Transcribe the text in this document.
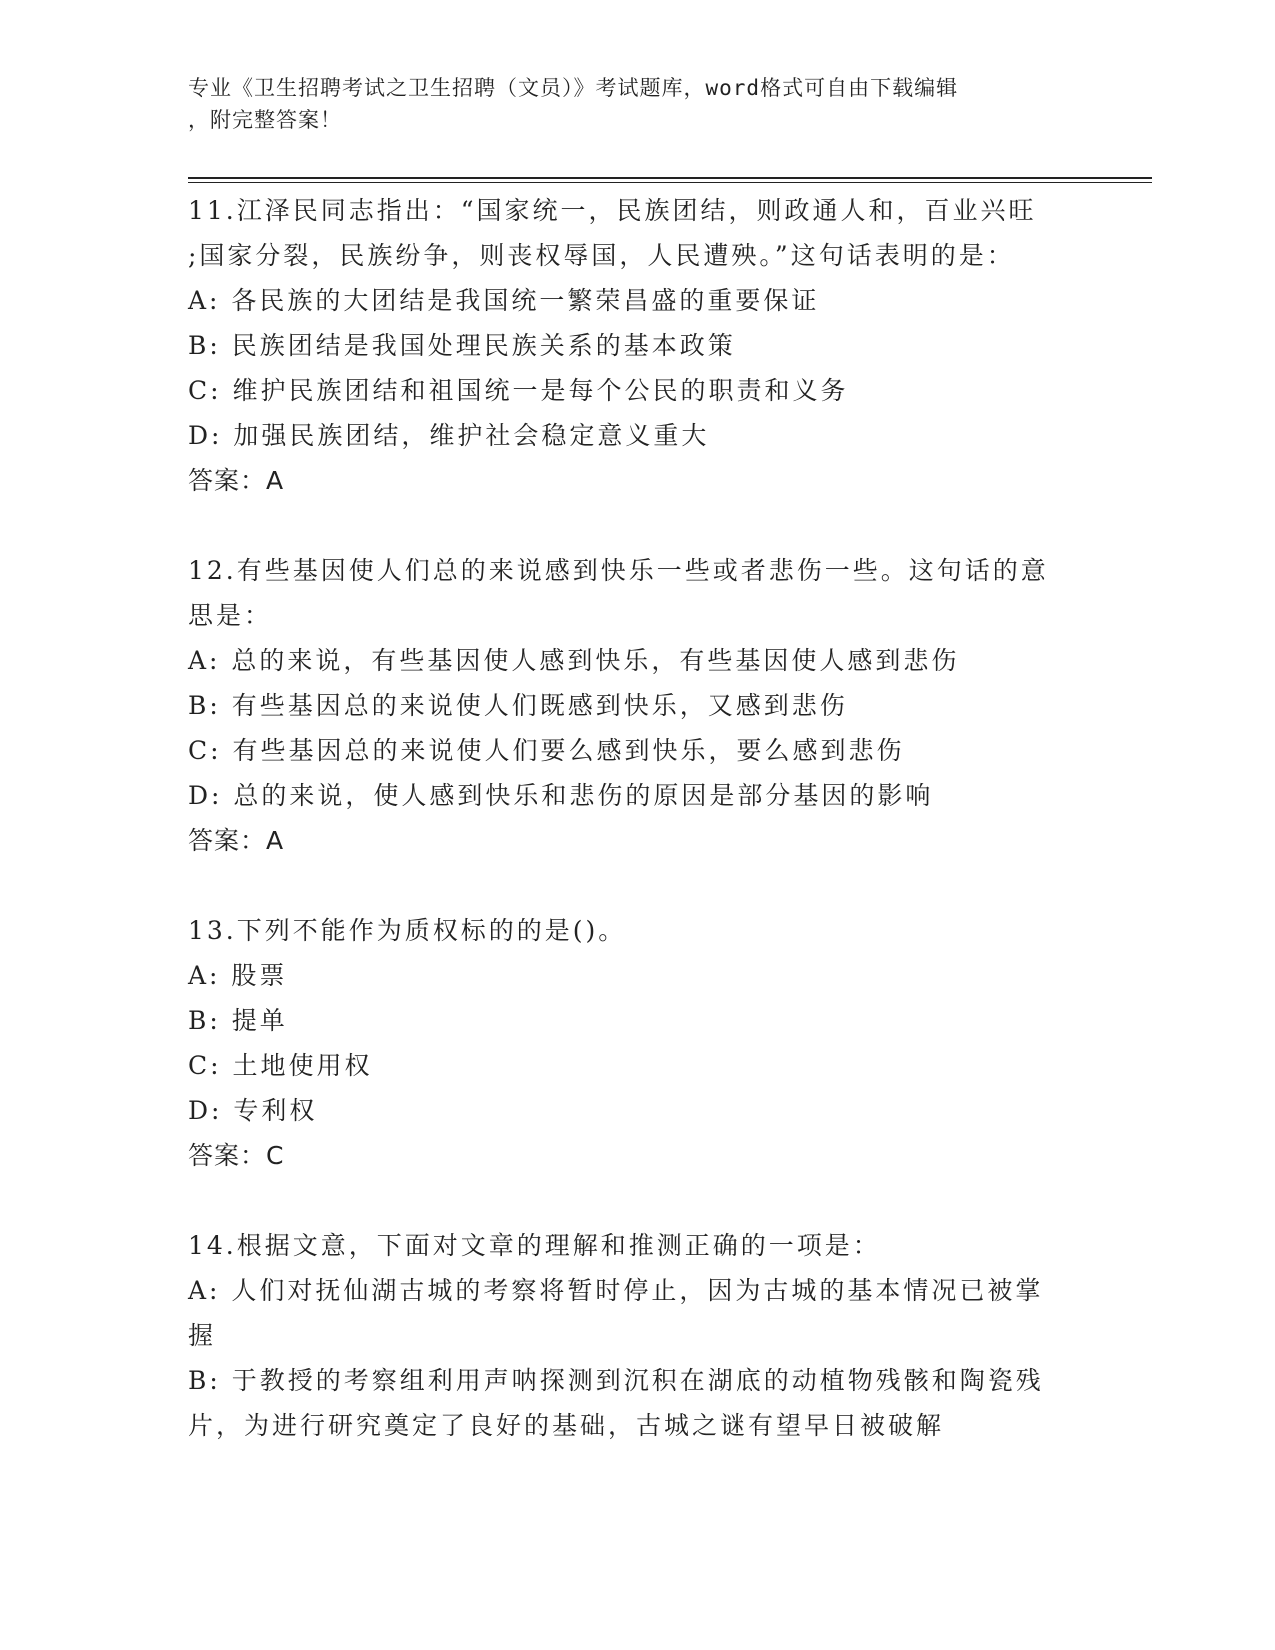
专业《卫生招聘考试之卫生招聘（文员）》考试题库，word格式可自由下载编辑
，附完整答案！

11.江泽民同志指出：“国家统一，民族团结，则政通人和，百业兴旺

;国家分裂，民族纷争，则丧权辱国，人民遭殃。”这句话表明的是：

A: 各民族的大团结是我国统一繁荣昌盛的重要保证

B: 民族团结是我国处理民族关系的基本政策

C: 维护民族团结和祖国统一是每个公民的职责和义务

D: 加强民族团结，维护社会稳定意义重大

答案：A

12.有些基因使人们总的来说感到快乐一些或者悲伤一些。这句话的意

思是：

A: 总的来说，有些基因使人感到快乐，有些基因使人感到悲伤

B: 有些基因总的来说使人们既感到快乐，又感到悲伤

C: 有些基因总的来说使人们要么感到快乐，要么感到悲伤

D: 总的来说，使人感到快乐和悲伤的原因是部分基因的影响

答案：A

13.下列不能作为质权标的的是()。

A: 股票

B: 提单

C: 土地使用权

D: 专利权

答案：C

14.根据文意，下面对文章的理解和推测正确的一项是：

A: 人们对抚仙湖古城的考察将暂时停止，因为古城的基本情况已被掌

握

B: 于教授的考察组利用声呐探测到沉积在湖底的动植物残骸和陶瓷残

片，为进行研究奠定了良好的基础，古城之谜有望早日被破解
